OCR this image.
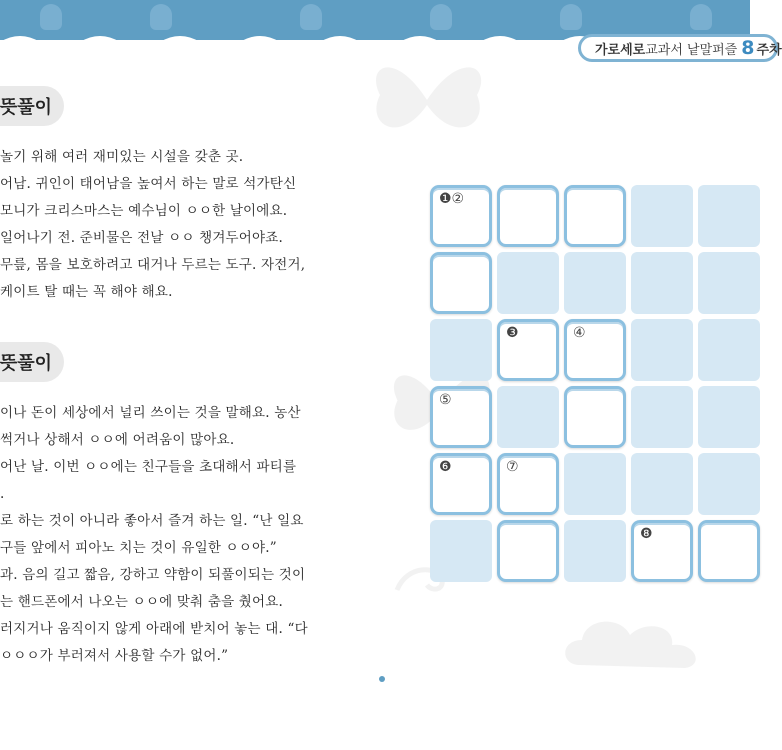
가로세로 교과서 낱말퍼즐 8 주차
뜻풀이
놀기 위해 여러 재미있는 시설을 갖춘 곳.
어남. 귀인이 태어남을 높여서 하는 말로 석가탄신
모니가 크리스마스는 예수님이 ㅇㅇ한 날이에요.
일어나기 전. 준비물은 전날 ㅇㅇ 챙겨두어야죠.
무릎, 몸을 보호하려고 대거나 두르는 도구. 자전거,
케이트 탈 때는 꼭 해야 해요.
뜻풀이
이나 돈이 세상에서 널리 쓰이는 것을 말해요. 농산
썩거나 상해서 ㅇㅇ에 어려움이 많아요.
어난 날. 이번 ㅇㅇ에는 친구들을 초대해서 파티를
.
로 하는 것이 아니라 좋아서 즐겨 하는 일. “난 일요
구들 앞에서 피아노 치는 것이 유일한 ㅇㅇ야.”
과. 음의 길고 짧음, 강하고 약함이 되풀이되는 것이
는 핸드폰에서 나오는 ㅇㅇ에 맞춰 춤을 췄어요.
러지거나 움직이지 않게 아래에 받치어 놓는 대. “다
ㅇㅇㅇ가 부러져서 사용할 수가 없어.”
❶②
❸	④
⑤
❻	⑦
❽
